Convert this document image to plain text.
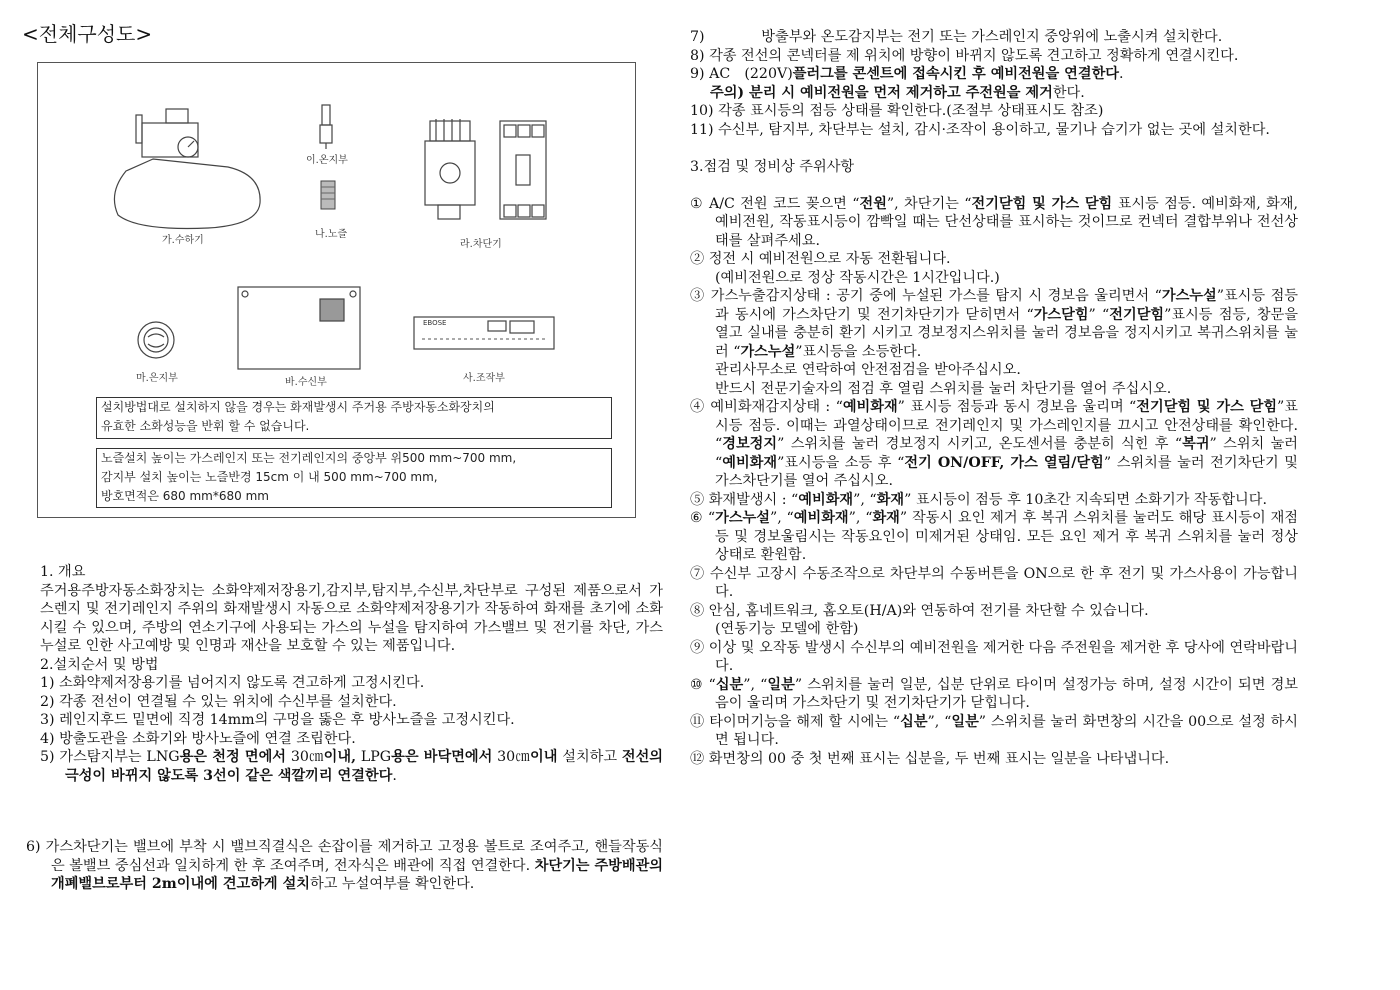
<전체구성도>
가.수하기
이.온지부
나.노즐
라.차단기
마.은지부	바.수신부	사.조작부
EBOSE
설치방법대로 설치하지 않을 경우는 화재발생시 주거용 주방자동소화장치의
유효한 소화성능을 반휘 할 수 없습니다.
노즐설치 높이는 가스레인지 또는 전기레인지의 중앙부 위500 mm~700 mm,
감지부 설치 높이는 노즐반경 15cm 이 내 500 mm~700 mm,
방호면적은 680 mm*680 mm

1. 개요

주거용주방자동소화장치는 소화약제저장용기,감지부,탐지부,수신부,차단부로 구성된 제품으로서 가스렌지 및 전기레인지 주위의 화재발생시 자동으로 소화약제저장용기가 작동하여 화재를 초기에 소화시킬 수 있으며, 주방의 연소기구에 사용되는 가스의 누설을 탐지하여 가스밸브 및 전기를 차단, 가스누설로 인한 사고예방 및 인명과 재산을 보호할 수 있는 제품입니다.

2.설치순서 및 방법

1) 소화약제저장용기를 넘어지지 않도록 견고하게 고정시킨다.

2) 각종 전선이 연결될 수 있는 위치에 수신부를 설치한다.

3) 레인지후드 밑면에 직경 14mm의 구멍을 뚫은 후 방사노즐을 고정시킨다.

4) 방출도관을 소화기와 방사노즐에 연결 조립한다.

5) 가스탐지부는 LNG용은 천정 면에서 30㎝이내, LPG용은 바닥면에서 30㎝이내 설치하고 전선의 극성이 바뀌지 않도록 3선이 같은 색깔끼리 연결한다.

6) 가스차단기는 밸브에 부착 시 밸브직결식은 손잡이를 제거하고 고정용 볼트로 조여주고, 핸들작동식은 볼밸브 중심선과 일치하게 한 후 조여주며, 전자식은 배관에 직접 연결한다. 차단기는 주방배관의 개폐밸브로부터 2m이내에 견고하게 설치하고 누설여부를 확인한다.

7)　　　　방출부와 온도감지부는 전기 또는 가스레인지 중앙위에 노출시켜 설치한다.

8) 각종 전선의 콘넥터를 제 위치에 방향이 바뀌지 않도록 견고하고 정확하게 연결시킨다.

9) AC　(220V)플러그를 콘센트에 접속시킨 후 예비전원을 연결한다.

주의) 분리 시 예비전원을 먼저 제거하고 주전원을 제거한다.

10) 각종 표시등의 점등 상태를 확인한다.(조절부 상태표시도 참조)

11) 수신부, 탐지부, 차단부는 설치, 감시·조작이 용이하고, 물기나 습기가 없는 곳에 설치한다.

3.점검 및 정비상 주위사항

① A/C 전원 코드 꽂으면 “전원”, 차단기는 “전기닫힘 및 가스 닫힘 표시등 점등. 예비화재, 화재, 예비전원, 작동표시등이 깜빡일 때는 단선상태를 표시하는 것이므로 컨넥터 결합부위나 전선상태를 살펴주세요.

② 정전 시 예비전원으로 자동 전환됩니다.

(예비전원으로 정상 작동시간은 1시간입니다.)

③ 가스누출감지상태 : 공기 중에 누설된 가스를 탐지 시 경보음 울리면서 “가스누설”표시등 점등과 동시에 가스차단기 및 전기차단기가 닫히면서 “가스닫힘” “전기닫힘”표시등 점등, 창문을 열고 실내를 충분히 환기 시키고 경보정지스위치를 눌러 경보음을 정지시키고 복귀스위치를 눌러 “가스누설”표시등을 소등한다.

관리사무소로 연락하여 안전점검을 받아주십시오.

반드시 전문기술자의 점검 후 열림 스위치를 눌러 차단기를 열어 주십시오.

④ 예비화재감지상태 : “예비화재” 표시등 점등과 동시 경보음 울리며 “전기닫힘 및 가스 닫힘”표시등 점등. 이때는 과열상태이므로 전기레인지 및 가스레인지를 끄시고 안전상태를 확인한다. “경보정지” 스위치를 눌러 경보정지 시키고, 온도센서를 충분히 식힌 후 “복귀” 스위치 눌러 “예비화재”표시등을 소등 후 “전기 ON/OFF, 가스 열림/닫힘” 스위치를 눌러 전기차단기 및 가스차단기를 열어 주십시오.

⑤ 화재발생시 : “예비화재”, “화재” 표시등이 점등 후 10초간 지속되면 소화기가 작동합니다.

⑥ “가스누설”, “예비화재”, “화재” 작동시 요인 제거 후 복귀 스위치를 눌러도 해당 표시등이 재점등 및 경보울림시는 작동요인이 미제거된 상태임. 모든 요인 제거 후 복귀 스위치를 눌러 정상상태로 환원함.

⑦ 수신부 고장시 수동조작으로 차단부의 수동버튼을 ON으로 한 후 전기 및 가스사용이 가능합니다.

⑧ 안심, 홈네트워크, 홈오토(H/A)와 연동하여 전기를 차단할 수 있습니다.

(연동기능 모델에 한함)

⑨ 이상 및 오작동 발생시 수신부의 예비전원을 제거한 다음 주전원을 제거한 후 당사에 연락바랍니다.

⑩ “십분”, “일분” 스위치를 눌러 일분, 십분 단위로 타이머 설정가능 하며, 설정 시간이 되면 경보음이 울리며 가스차단기 및 전기차단기가 닫힙니다.

⑪ 타이머기능을 해제 할 시에는 “십분”, “일분” 스위치를 눌러 화면창의 시간을 00으로 설정 하시면 됩니다.

⑫ 화면창의 00 중 첫 번째 표시는 십분을, 두 번째 표시는 일분을 나타냅니다.
